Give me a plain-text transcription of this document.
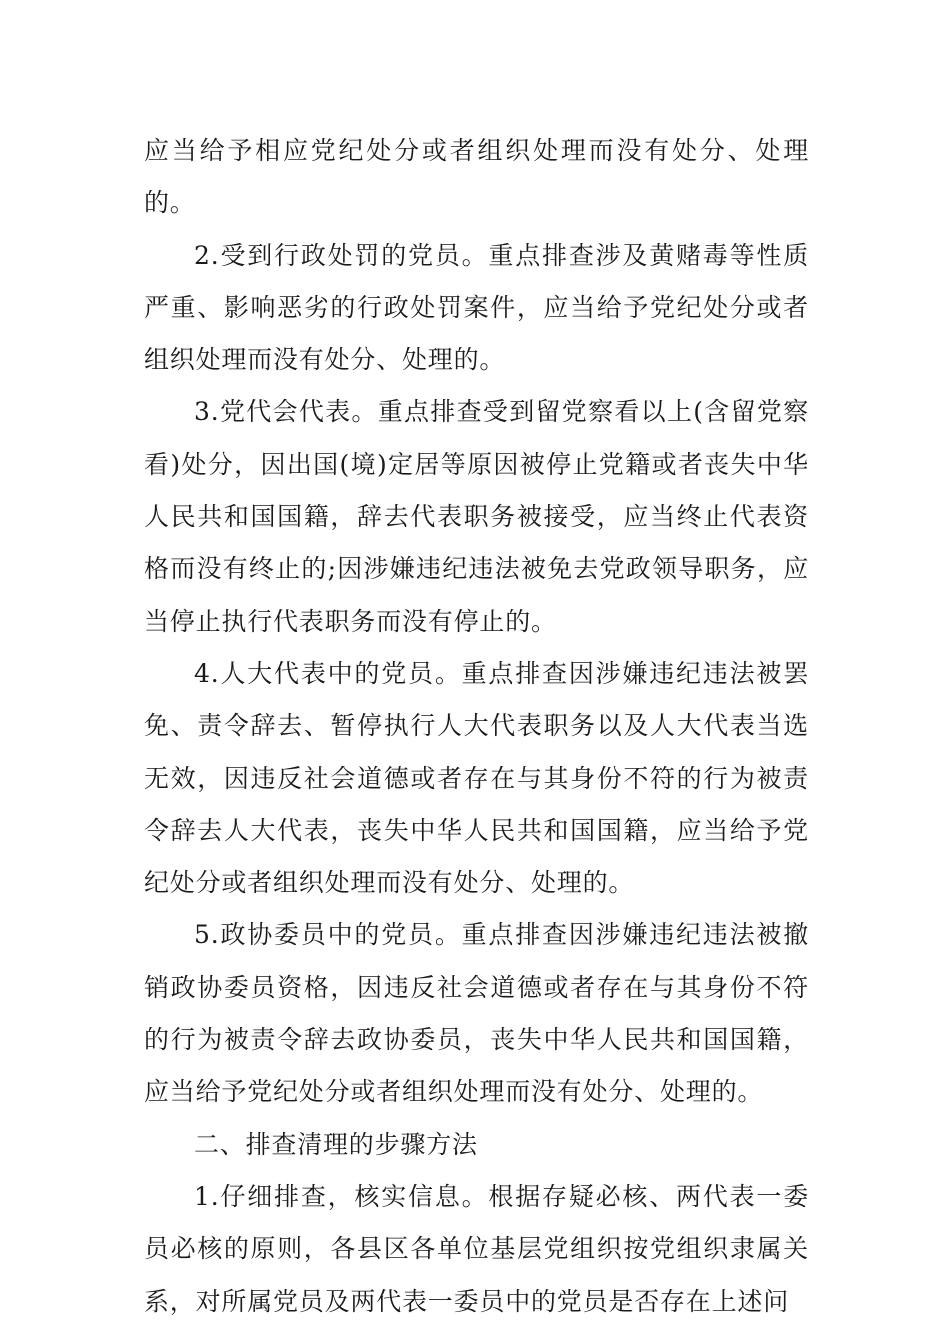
应当给予相应党纪处分或者组织处理而没有处分、处理的。

2.受到行政处罚的党员。重点排查涉及黄赌毒等性质严重、影响恶劣的行政处罚案件，应当给予党纪处分或者组织处理而没有处分、处理的。

3.党代会代表。重点排查受到留党察看以上(含留党察看)处分，因出国(境)定居等原因被停止党籍或者丧失中华人民共和国国籍，辞去代表职务被接受，应当终止代表资格而没有终止的;因涉嫌违纪违法被免去党政领导职务，应当停止执行代表职务而没有停止的。

4.人大代表中的党员。重点排查因涉嫌违纪违法被罢免、责令辞去、暂停执行人大代表职务以及人大代表当选无效，因违反社会道德或者存在与其身份不符的行为被责令辞去人大代表，丧失中华人民共和国国籍，应当给予党纪处分或者组织处理而没有处分、处理的。

5.政协委员中的党员。重点排查因涉嫌违纪违法被撤销政协委员资格，因违反社会道德或者存在与其身份不符的行为被责令辞去政协委员，丧失中华人民共和国国籍，应当给予党纪处分或者组织处理而没有处分、处理的。

二、排查清理的步骤方法

1.仔细排查，核实信息。根据存疑必核、两代表一委员必核的原则，各县区各单位基层党组织按党组织隶属关系，对所属党员及两代表一委员中的党员是否存在上述问
